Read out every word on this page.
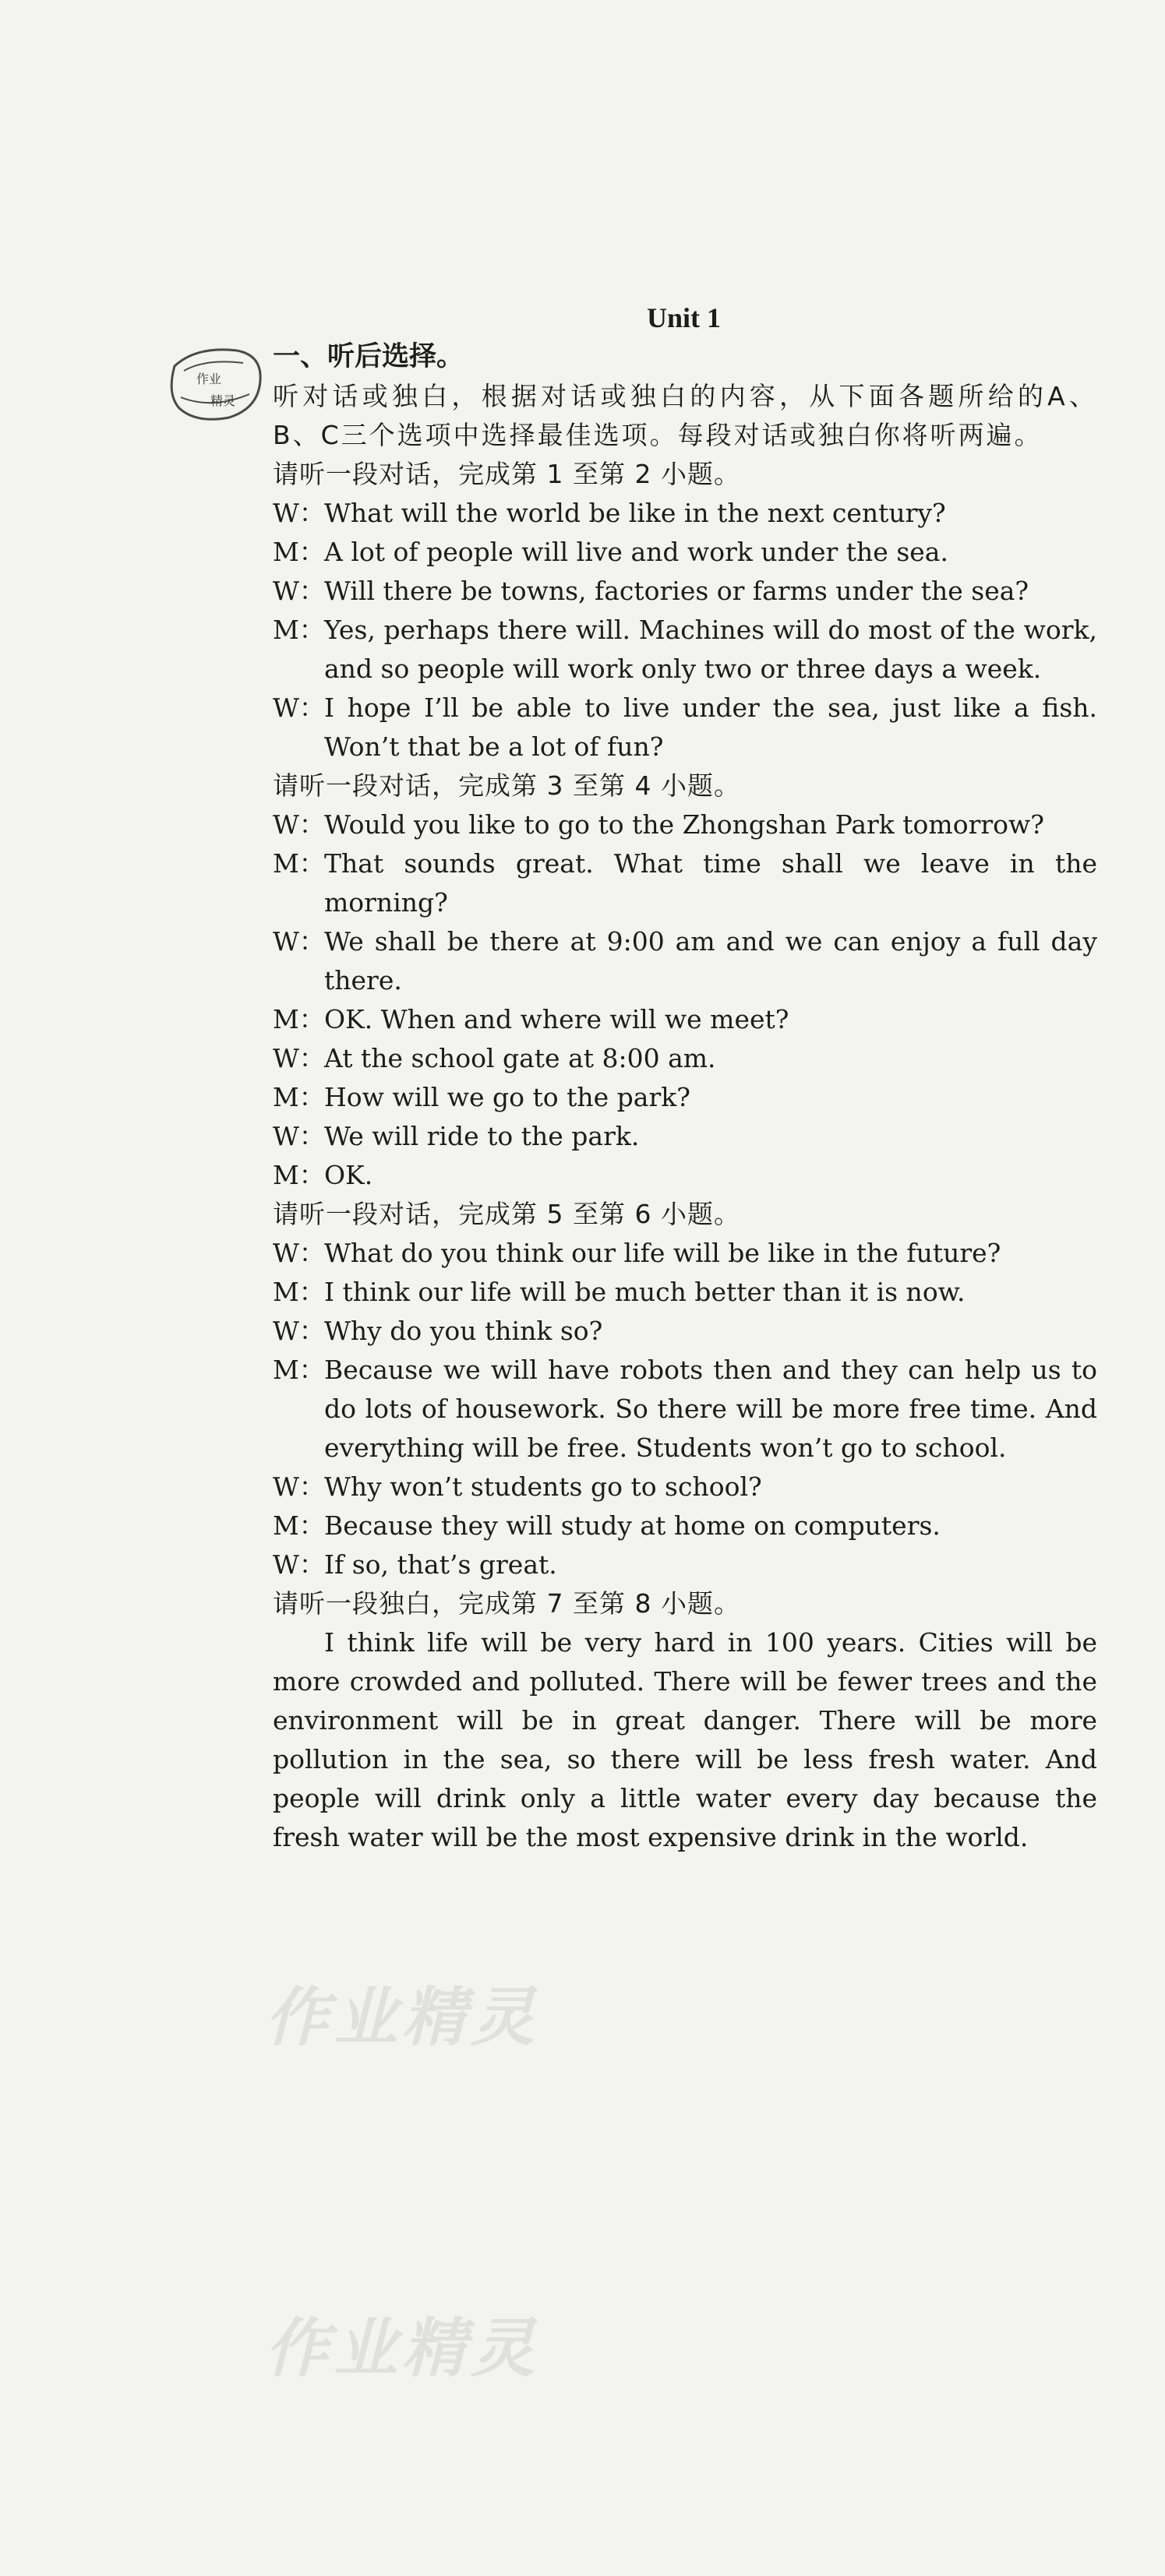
Unit 1
作业
精灵
一、听后选择。
听对话或独白，根据对话或独白的内容，从下面各题所给的A、B、C三个选项中选择最佳选项。每段对话或独白你将听两遍。
请听一段对话，完成第 1 至第 2 小题。
W： What will the world be like in the next century?
M： A lot of people will live and work under the sea.
W： Will there be towns, factories or farms under the sea?
M： Yes, perhaps there will. Machines will do most of the work, and so people will work only two or three days a week.
W： I hope I’ll be able to live under the sea, just like a fish. Won’t that be a lot of fun?
请听一段对话，完成第 3 至第 4 小题。
W： Would you like to go to the Zhongshan Park tomorrow?
M： That sounds great. What time shall we leave in the morning?
W： We shall be there at 9:00 am and we can enjoy a full day there.
M： OK. When and where will we meet?
W： At the school gate at 8:00 am.
M： How will we go to the park?
W： We will ride to the park.
M： OK.
请听一段对话，完成第 5 至第 6 小题。
W： What do you think our life will be like in the future?
M： I think our life will be much better than it is now.
W： Why do you think so?
M： Because we will have robots then and they can help us to do lots of housework. So there will be more free time. And everything will be free. Students won’t go to school.
W： Why won’t students go to school?
M： Because they will study at home on computers.
W： If so, that’s great.
请听一段独白，完成第 7 至第 8 小题。
I think life will be very hard in 100 years. Cities will be more crowded and polluted. There will be fewer trees and the environment will be in great danger. There will be more pollution in the sea, so there will be less fresh water. And people will drink only a little water every day because the fresh water will be the most expensive drink in the world.
作业精灵
作业精灵
